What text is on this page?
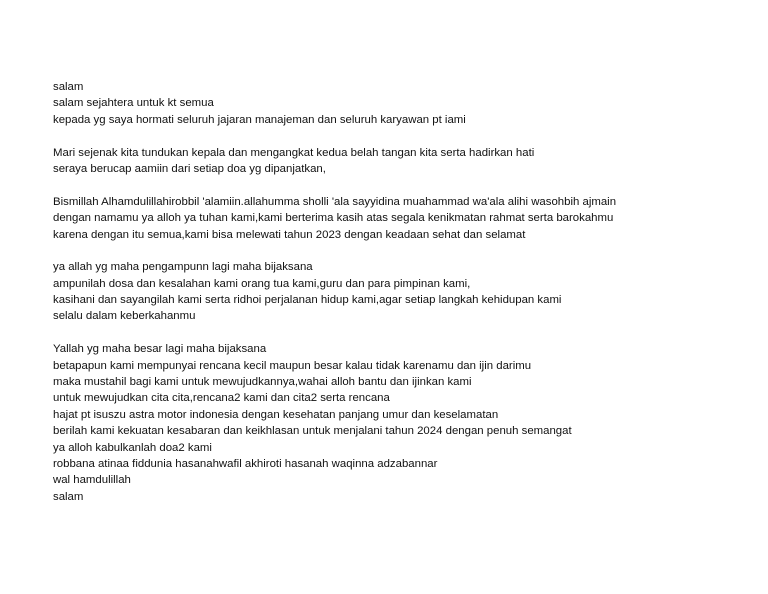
salam
salam sejahtera untuk kt semua
kepada yg saya hormati seluruh jajaran manajeman dan seluruh karyawan pt iami
Mari sejenak kita tundukan kepala dan mengangkat kedua belah tangan kita serta hadirkan hati
seraya berucap aamiin dari setiap doa yg dipanjatkan,
Bismillah Alhamdulillahirobbil 'alamiin.allahumma sholli 'ala sayyidina muahammad wa'ala alihi wasohbih ajmain
dengan namamu ya alloh ya tuhan kami,kami berterima kasih atas segala kenikmatan rahmat serta barokahmu
karena dengan itu semua,kami bisa melewati tahun 2023 dengan keadaan sehat dan selamat
ya allah yg maha pengampunn lagi maha bijaksana
ampunilah dosa dan kesalahan kami orang tua kami,guru dan para pimpinan kami,
kasihani dan sayangilah kami serta ridhoi perjalanan hidup kami,agar setiap langkah kehidupan kami
selalu dalam keberkahanmu
Yallah yg maha besar lagi maha bijaksana
betapapun kami mempunyai rencana kecil maupun besar kalau tidak karenamu dan ijin darimu
maka mustahil bagi kami untuk mewujudkannya,wahai alloh bantu dan ijinkan kami
untuk mewujudkan cita cita,rencana2 kami dan cita2 serta rencana
hajat pt isuszu astra motor indonesia dengan kesehatan panjang umur dan keselamatan
berilah kami kekuatan kesabaran dan keikhlasan untuk menjalani tahun 2024 dengan penuh semangat
ya alloh kabulkanlah doa2 kami
robbana atinaa fiddunia hasanahwafil akhiroti hasanah waqinna adzabannar
wal hamdulillah
salam
